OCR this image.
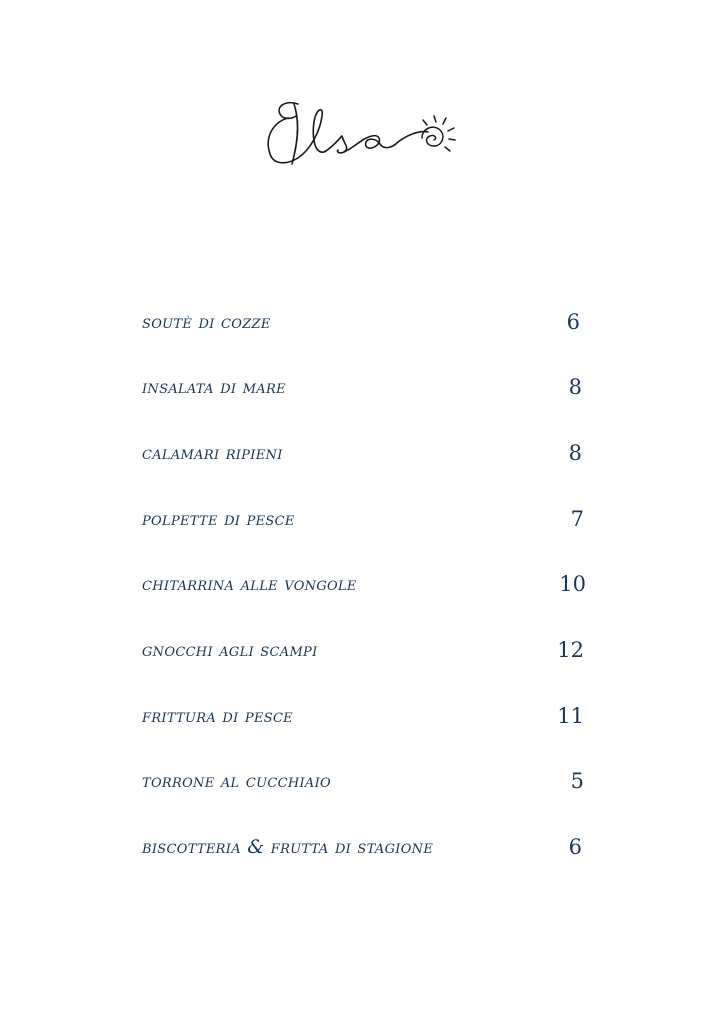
soutè di cozze	6
insalata di mare	8
calamari ripieni	8
polpette di pesce	7
chitarrina alle vongole	10
gnocchi agli scampi	12
frittura di pesce	11
torrone al cucchiaio	5
biscotteria & frutta di stagione	6
